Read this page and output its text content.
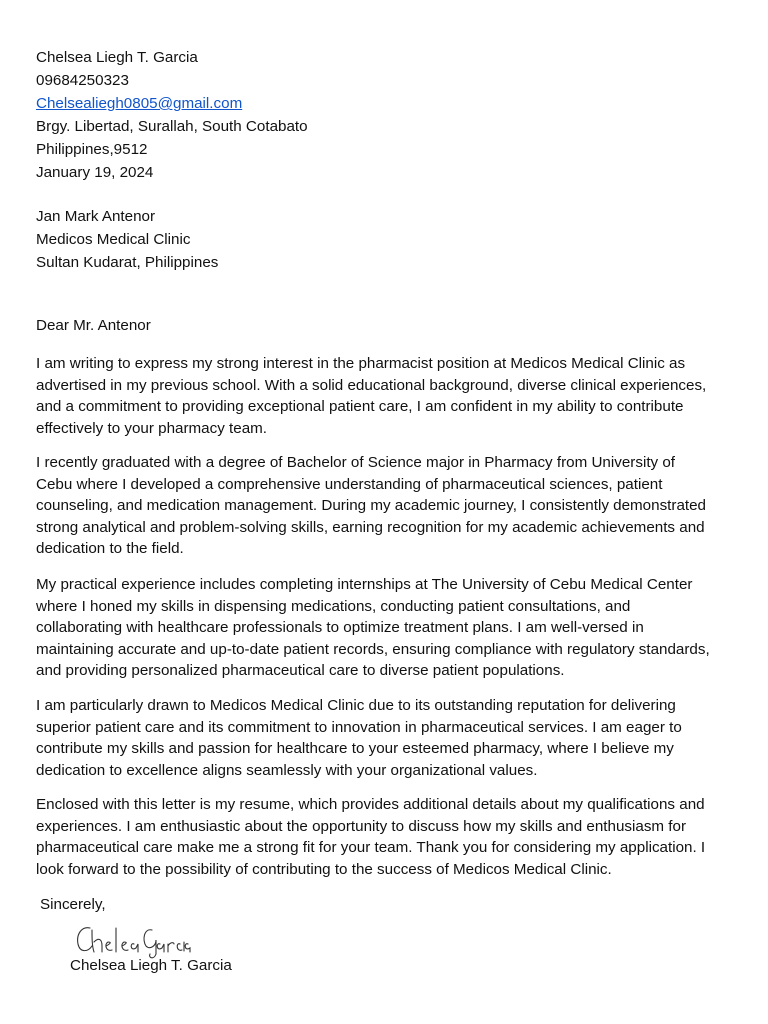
Chelsea Liegh T. Garcia
09684250323
Chelsealiegh0805@gmail.com
Brgy. Libertad, Surallah, South Cotabato
Philippines,9512
January 19, 2024
Jan Mark Antenor
Medicos Medical Clinic
Sultan Kudarat, Philippines
Dear Mr. Antenor
I am writing to express my strong interest in the pharmacist position at Medicos Medical Clinic as
advertised in my previous school. With a solid educational background, diverse clinical experiences,
and a commitment to providing exceptional patient care, I am confident in my ability to contribute
effectively to your pharmacy team.
I recently graduated with a degree of Bachelor of Science major in Pharmacy from University of
Cebu where I developed a comprehensive understanding of pharmaceutical sciences, patient
counseling, and medication management. During my academic journey, I consistently demonstrated
strong analytical and problem-solving skills, earning recognition for my academic achievements and
dedication to the field.
My practical experience includes completing internships at The University of Cebu Medical Center
where I honed my skills in dispensing medications, conducting patient consultations, and
collaborating with healthcare professionals to optimize treatment plans. I am well-versed in
maintaining accurate and up-to-date patient records, ensuring compliance with regulatory standards,
and providing personalized pharmaceutical care to diverse patient populations.
I am particularly drawn to Medicos Medical Clinic due to its outstanding reputation for delivering
superior patient care and its commitment to innovation in pharmaceutical services. I am eager to
contribute my skills and passion for healthcare to your esteemed pharmacy, where I believe my
dedication to excellence aligns seamlessly with your organizational values.
Enclosed with this letter is my resume, which provides additional details about my qualifications and
experiences. I am enthusiastic about the opportunity to discuss how my skills and enthusiasm for
pharmaceutical care make me a strong fit for your team. Thank you for considering my application. I
look forward to the possibility of contributing to the success of Medicos Medical Clinic.
Sincerely,
Chelsea Liegh T. Garcia
